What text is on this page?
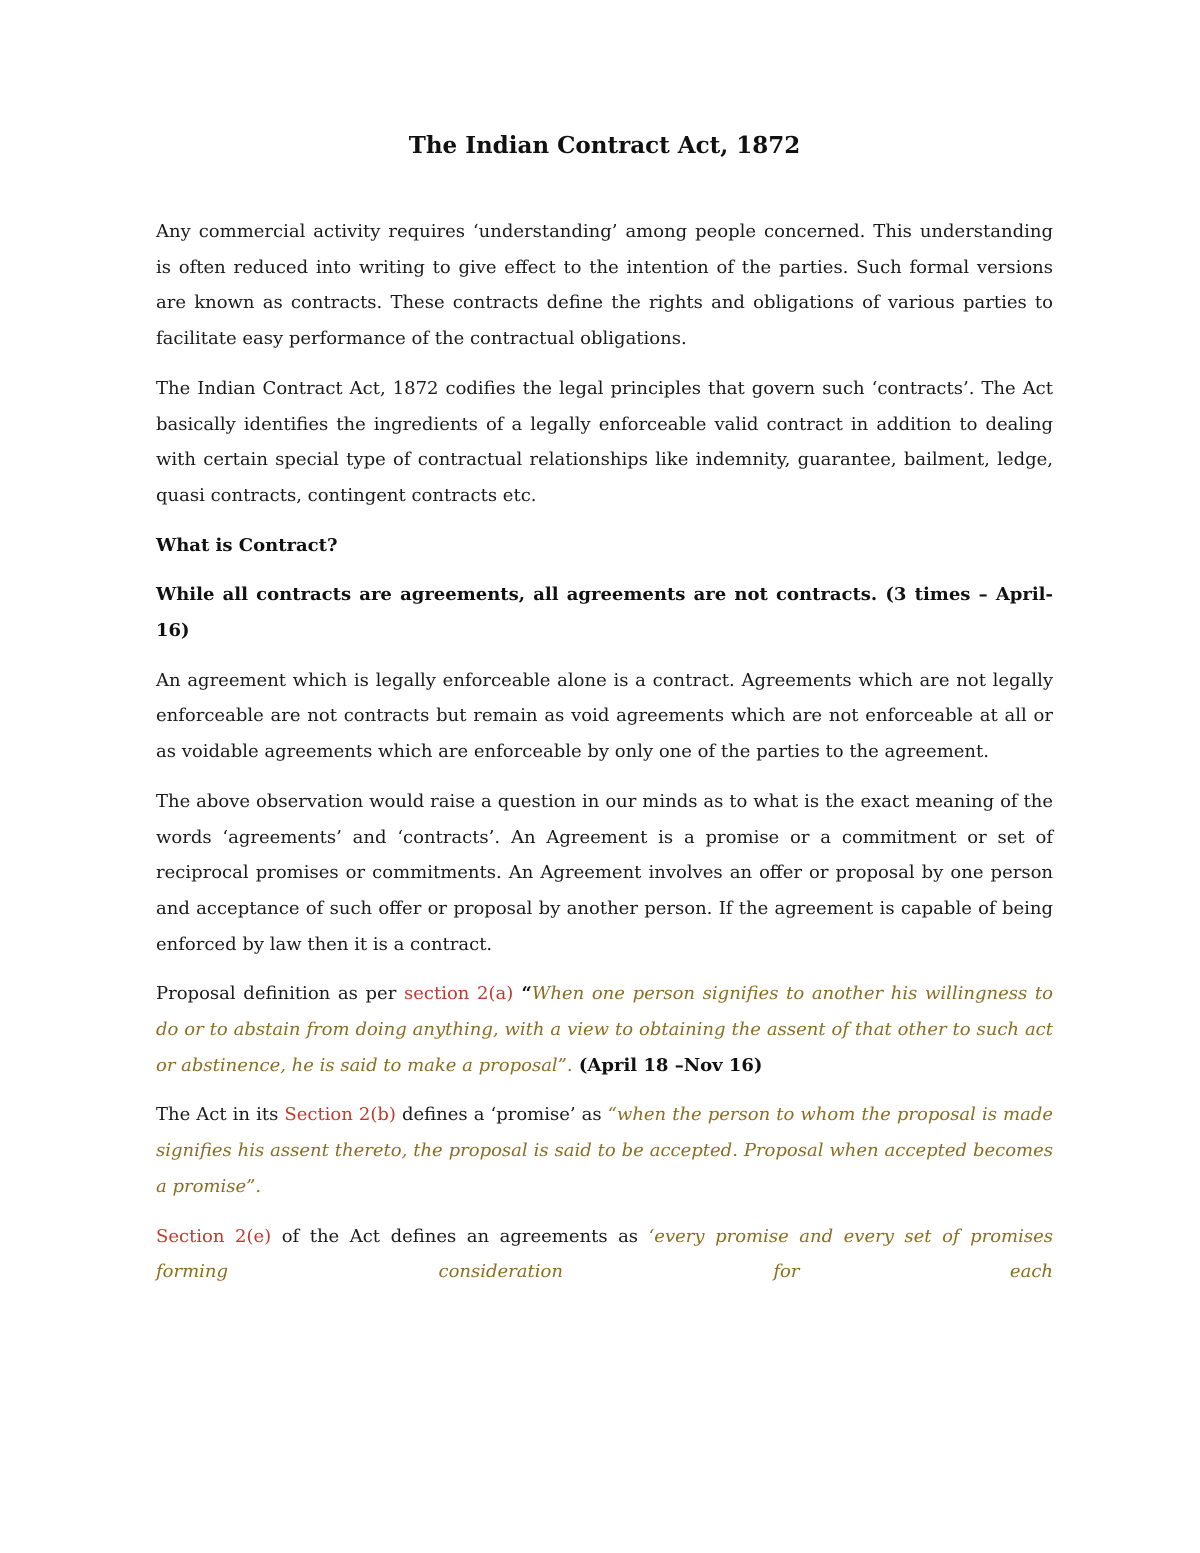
The Indian Contract Act, 1872

Any commercial activity requires ‘understanding’ among people concerned. This understanding is often reduced into writing to give effect to the intention of the parties. Such formal versions are known as contracts. These contracts define the rights and obligations of various parties to facilitate easy performance of the contractual obligations.

The Indian Contract Act, 1872 codifies the legal principles that govern such ‘contracts’. The Act basically identifies the ingredients of a legally enforceable valid contract in addition to dealing with certain special type of contractual relationships like indemnity, guarantee, bailment, ledge, quasi contracts, contingent contracts etc.

What is Contract?

While all contracts are agreements, all agreements are not contracts. (3 times – April-16)

An agreement which is legally enforceable alone is a contract. Agreements which are not legally enforceable are not contracts but remain as void agreements which are not enforceable at all or as voidable agreements which are enforceable by only one of the parties to the agreement.

The above observation would raise a question in our minds as to what is the exact meaning of the words ‘agreements’ and ‘contracts’. An Agreement is a promise or a commitment or set of reciprocal promises or commitments. An Agreement involves an offer or proposal by one person and acceptance of such offer or proposal by another person. If the agreement is capable of being enforced by law then it is a contract.

Proposal definition as per section 2(a) “When one person signifies to another his willingness to do or to abstain from doing anything, with a view to obtaining the assent of that other to such act or abstinence, he is said to make a proposal”. (April 18 –Nov 16)

The Act in its Section 2(b) defines a ‘promise’ as “when the person to whom the proposal is made signifies his assent thereto, the proposal is said to be accepted. Proposal when accepted becomes a promise”.

Section 2(e) of the Act defines an agreements as ‘every promise and every set of promises forming consideration for each
